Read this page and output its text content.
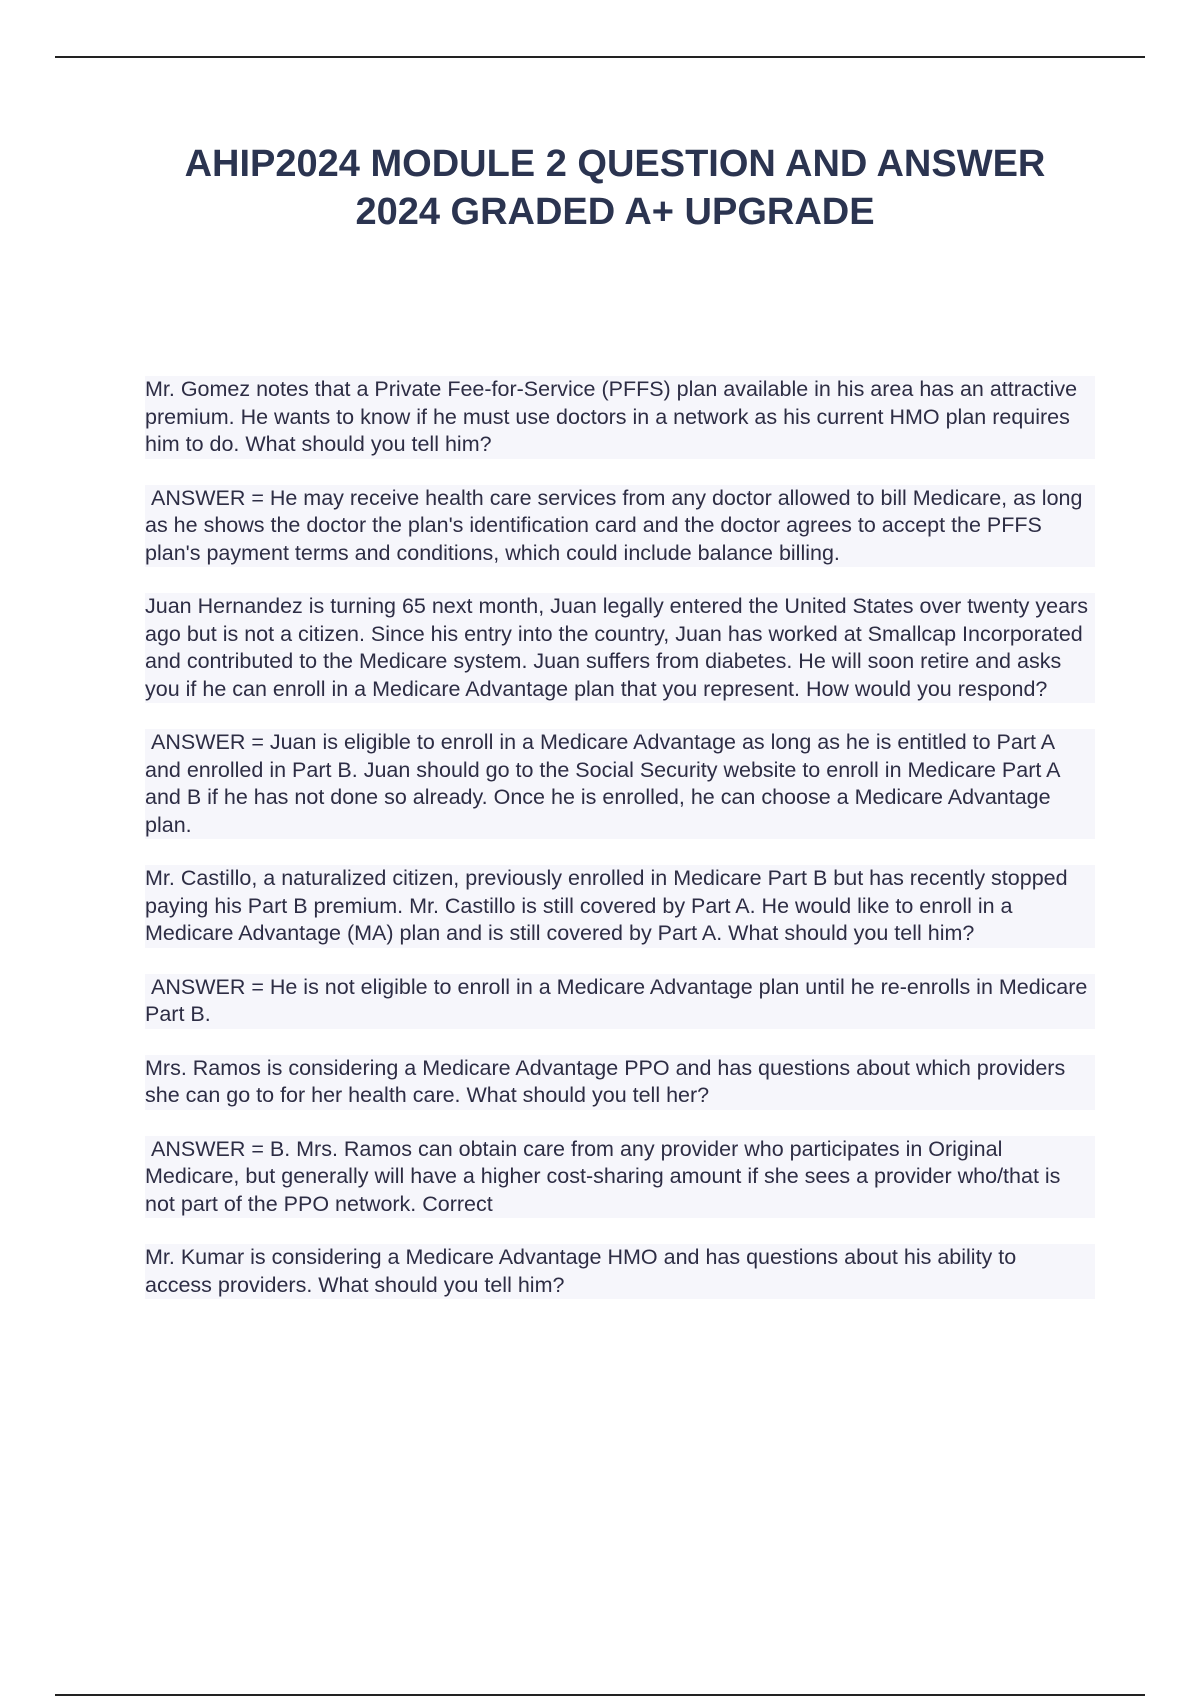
AHIP2024 MODULE 2 QUESTION AND ANSWER
2024 GRADED A+ UPGRADE

Mr. Gomez notes that a Private Fee-for-Service (PFFS) plan available in his area has an attractive premium. He wants to know if he must use doctors in a network as his current HMO plan requires him to do. What should you tell him?

ANSWER = He may receive health care services from any doctor allowed to bill Medicare, as long as he shows the doctor the plan's identification card and the doctor agrees to accept the PFFS plan's payment terms and conditions, which could include balance billing.

Juan Hernandez is turning 65 next month, Juan legally entered the United States over twenty years ago but is not a citizen. Since his entry into the country, Juan has worked at Smallcap Incorporated and contributed to the Medicare system. Juan suffers from diabetes. He will soon retire and asks you if he can enroll in a Medicare Advantage plan that you represent. How would you respond?

ANSWER = Juan is eligible to enroll in a Medicare Advantage as long as he is entitled to Part A and enrolled in Part B. Juan should go to the Social Security website to enroll in Medicare Part A and B if he has not done so already. Once he is enrolled, he can choose a Medicare Advantage plan.

Mr. Castillo, a naturalized citizen, previously enrolled in Medicare Part B but has recently stopped paying his Part B premium. Mr. Castillo is still covered by Part A. He would like to enroll in a Medicare Advantage (MA) plan and is still covered by Part A. What should you tell him?

ANSWER = He is not eligible to enroll in a Medicare Advantage plan until he re-enrolls in Medicare Part B.

Mrs. Ramos is considering a Medicare Advantage PPO and has questions about which providers she can go to for her health care. What should you tell her?

ANSWER = B. Mrs. Ramos can obtain care from any provider who participates in Original Medicare, but generally will have a higher cost-sharing amount if she sees a provider who/that is not part of the PPO network. Correct

Mr. Kumar is considering a Medicare Advantage HMO and has questions about his ability to access providers. What should you tell him?
